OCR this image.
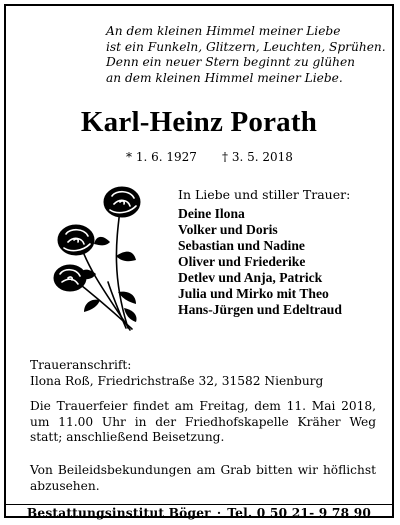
An dem kleinen Himmel meiner Liebe
ist ein Funkeln, Glitzern, Leuchten, Sprühen.
Denn ein neuer Stern beginnt zu glühen
an dem kleinen Himmel meiner Liebe.
Karl-Heinz Porath
* 1. 6. 1927 † 3. 5. 2018
In Liebe und stiller Trauer:
Deine Ilona
Volker und Doris
Sebastian und Nadine
Oliver und Friederike
Detlev und Anja, Patrick
Julia und Mirko mit Theo
Hans-Jürgen und Edeltraud
Traueranschrift:
Ilona Roß, Friedrichstraße 32, 31582 Nienburg
Die Trauerfeier findet am Freitag, dem 11. Mai 2018, um 11.00 Uhr in der Friedhofskapelle Kräher Weg statt; anschließend Beisetzung.
Von Beileidsbekundungen am Grab bitten wir höflichst abzusehen.
Bestattungsinstitut Böger · Tel. 0 50 21- 9 78 90
